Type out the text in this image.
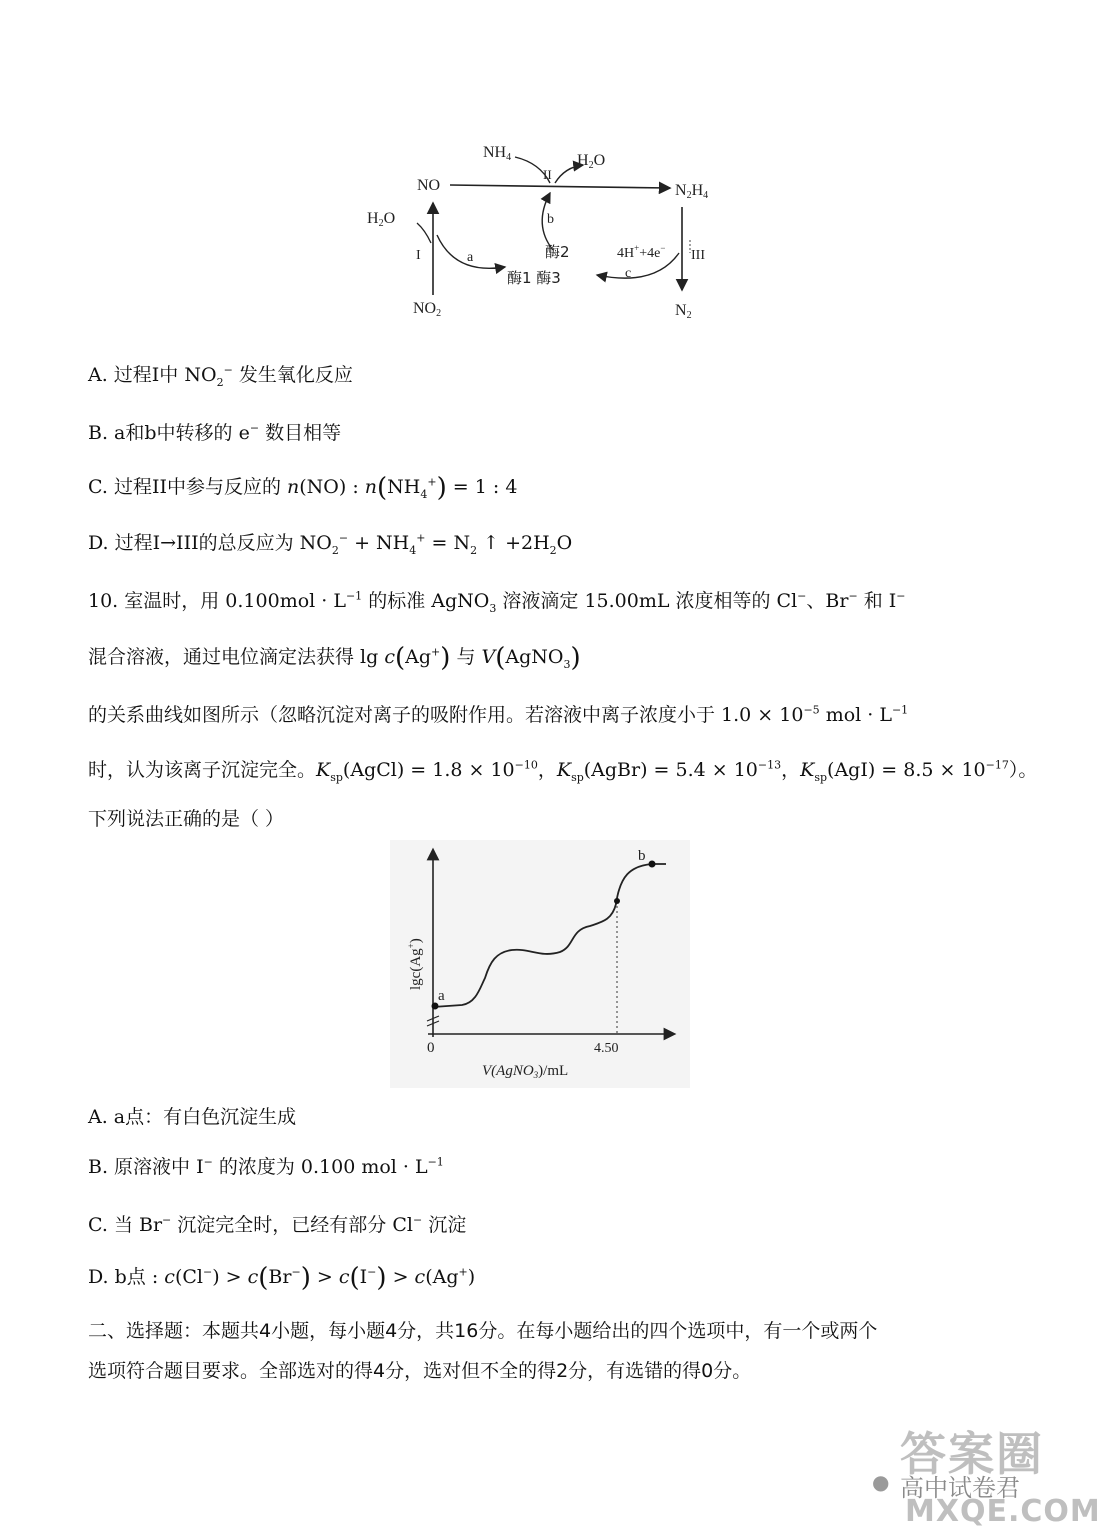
NH4
II
H2O
NO	N2H4
H2O
I
b
酶2	4H++4e− III
a
c
酶1 酶3
NO2	N2
A. 过程I中 $NO_2^-$ 发生氧化反应
B. a和b中转移的 e− 数目相等
C. 过程II中参与反应的 n(NO) : $n(NH_4^+) = 1$ : 4
D. 过程I→III的总反应为 $NO_2^- + NH_4^+ = N_2$ ↑ $+2H_2O$
10. 室温时，用 $0.100mol \cdot L^{-1}$ 的标准 AgNO$_3$ 溶液滴定 15.00mL 浓度相等的 Cl−、Br− 和 I−
混合溶液，通过电位滴定法获得 lg c(Ag+) 与 V(AgNO$_3$)
的关系曲线如图所示（忽略沉淀对离子的吸附作用。若溶液中离子浓度小于 $1.0 \times 10^{-5}$ mol · $L^{-1}$
时，认为该离子沉淀完全。$K_{sp}(AgCl) = 1.8 \times 10^{-10}$，$K_{sp}(AgBr) = 5.4 \times 10^{-13}$，$K_{sp}(AgI) = 8.5 \times 10^{-17}$）。
下列说法正确的是（ ）
a
b
0	4.50
V(AgNO$_3$)/mL
lgc(Ag+)
A. a点：有白色沉淀生成
B. 原溶液中 I− 的浓度为 0.100 mol · $L^{-1}$
C. 当 Br− 沉淀完全时，已经有部分 Cl− 沉淀
D. b点 : c(Cl−) > c(Br−) > c(I−) > c(Ag+)
二、选择题：本题共4小题，每小题4分，共16分。在每小题给出的四个选项中，有一个或两个
选项符合题目要求。全部选对的得4分，选对但不全的得2分，有选错的得0分。
答案圈
● 高中试卷君
MXQE.COM
